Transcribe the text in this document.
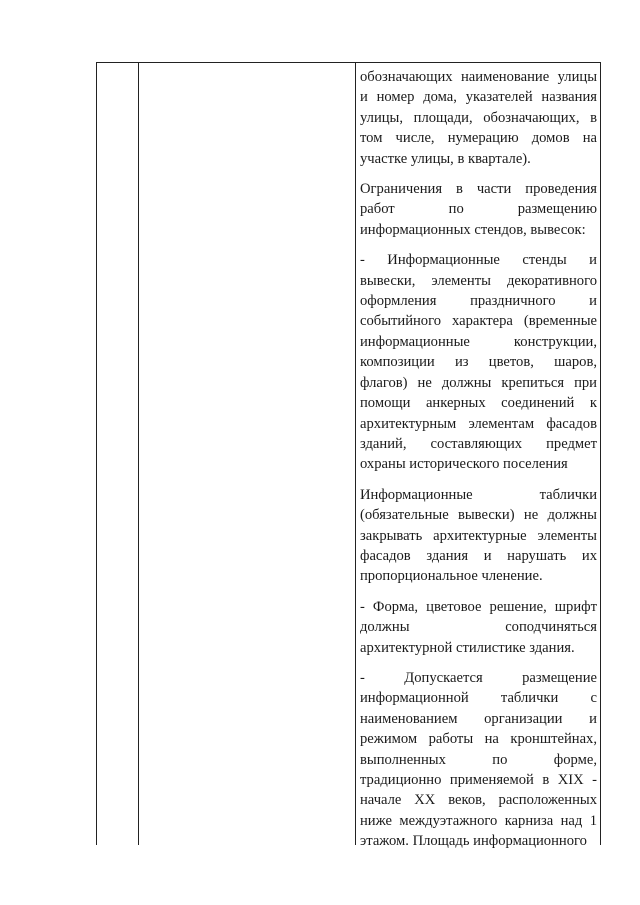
обозначающих наименование улицы
и номер дома, указателей названия
улицы, площади, обозначающих, в
том числе, нумерацию домов на
участке улицы, в квартале).

Ограничения в части проведения
работ по размещению
информационных стендов, вывесок:

- Информационные стенды и
вывески, элементы декоративного
оформления праздничного и
событийного характера (временные
информационные конструкции,
композиции из цветов, шаров,
флагов) не должны крепиться при
помощи анкерных соединений к
архитектурным элементам фасадов
зданий, составляющих предмет
охраны исторического поселения

Информационные таблички
(обязательные вывески) не должны
закрывать архитектурные элементы
фасадов здания и нарушать их
пропорциональное членение.

- Форма, цветовое решение, шрифт
должны соподчиняться
архитектурной стилистике здания.

- Допускается размещение
информационной таблички с
наименованием организации и
режимом работы на кронштейнах,
выполненных по форме,
традиционно применяемой в XIX -
начале XX веков, расположенных
ниже междуэтажного карниза над 1
этажом. Площадь информационного
